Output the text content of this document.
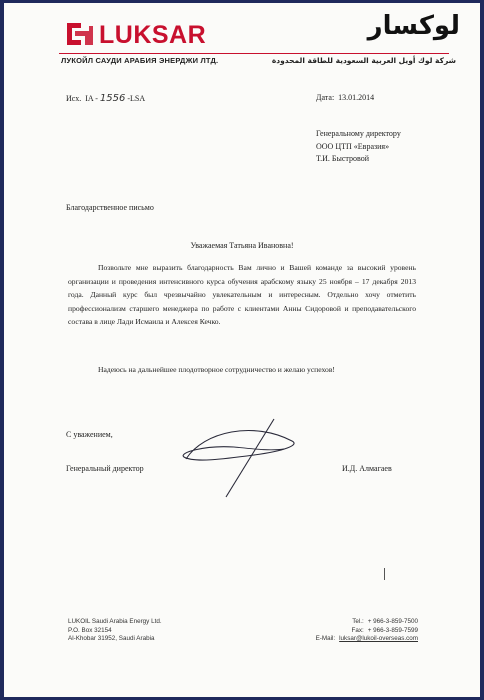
LUKSAR	لوكسار
ЛУКОЙЛ САУДИ АРАБИЯ ЭНЕРДЖИ ЛТД.	شركة لوك أويل العربية السعودية للطاقة المحدودة
Исх. IA - 1556 -LSA	Дата: 13.01.2014
Генеральному директору
ООО ЦТП «Евразия»
Т.И. Быстровой
Благодарственное письмо
Уважаемая Татьяна Ивановна!
Позвольте мне выразить благодарность Вам лично и Вашей команде за высокий уровень организации и проведения интенсивного курса обучения арабскому языку 25 ноября – 17 декабря 2013 года. Данный курс был чрезвычайно увлекательным и интересным. Отдельно хочу отметить профессионализм старшего менеджера по работе с клиентами Анны Сидоровой и преподавательского состава в лице Лади Исмаила и Алексея Кечко.
Надеюсь на дальнейшее плодотворное сотрудничество и желаю успехов!
С уважением,
Генеральный директор	И.Д. Алмагаев
LUKOIL Saudi Arabia Energy Ltd.
P.O. Box 32154
Al-Khobar 31952, Saudi Arabia
Tel.: + 966-3-859-7500
Fax: + 966-3-859-7599
E-Mail: luksar@lukoil-overseas.com
